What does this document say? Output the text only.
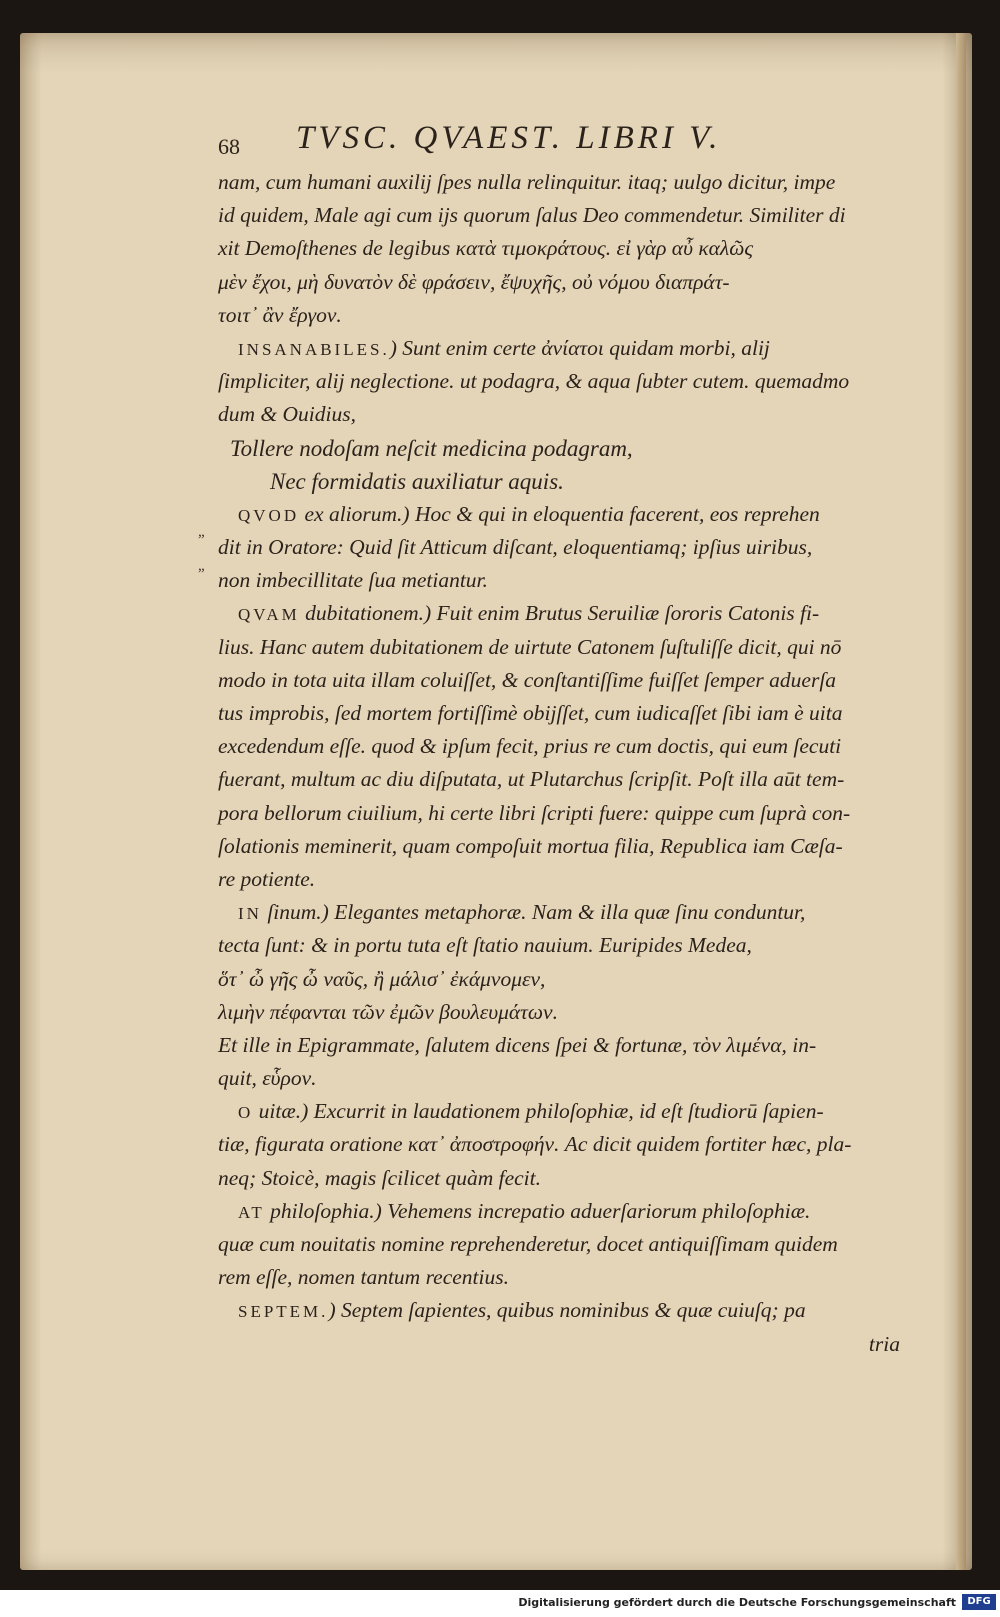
68 TVSC. QVAEST. LIBRI V.
nam, cum humani auxilij ſpes nulla relinquitur. itaq; uulgo dicitur, impe
id quidem, Male agi cum ijs quorum ſalus Deo commendetur. Similiter di
xit Demoſthenes de legibus κατὰ τιμοκράτους. εἰ γὰρ αὖ καλῶς
μὲν ἔχοι, μὴ δυνατὸν δὲ φράσειν, ἔψυχῆς, οὐ νόμου διαπράτ-
τοιτ᾽ ἂν ἔργον.
INSANABILES.) Sunt enim certe ἀνίατοι quidam morbi, alij
ſimpliciter, alij neglectione. ut podagra, & aqua ſubter cutem. quemadmo
dum & Ouidius,
Tollere nodoſam neſcit medicina podagram,
Nec formidatis auxiliatur aquis.
QVOD ex aliorum.) Hoc & qui in eloquentia facerent, eos reprehen
dit in Oratore: Quid ſit Atticum diſcant, eloquentiamq; ipſius uiribus,
non imbecillitate ſua metiantur.
QVAM dubitationem.) Fuit enim Brutus Seruiliæ ſororis Catonis fi-
lius. Hanc autem dubitationem de uirtute Catonem ſuſtuliſſe dicit, qui nō
modo in tota uita illam coluiſſet, & conſtantiſſime fuiſſet ſemper aduerſa
tus improbis, ſed mortem fortiſſimè obijſſet, cum iudicaſſet ſibi iam è uita
excedendum eſſe. quod & ipſum fecit, prius re cum doctis, qui eum ſecuti
fuerant, multum ac diu diſputata, ut Plutarchus ſcripſit. Poſt illa aūt tem-
pora bellorum ciuilium, hi certe libri ſcripti fuere: quippe cum ſuprà con-
ſolationis meminerit, quam compoſuit mortua filia, Republica iam Cæſa-
re potiente.
IN ſinum.) Elegantes metaphoræ. Nam & illa quæ ſinu conduntur,
tecta ſunt: & in portu tuta eſt ſtatio nauium. Euripides Medea,
ὅτ᾽ ὦ γῆς ὦ ναῦς, ἢ μάλισ᾽ ἐκάμνομεν,
λιμὴν πέφανται τῶν ἐμῶν βουλευμάτων.
Et ille in Epigrammate, ſalutem dicens ſpei & fortunæ, τὸν λιμένα, in-
quit, εὗρον.
O uitæ.) Excurrit in laudationem philoſophiæ, id eſt ſtudiorū ſapien-
tiæ, figurata oratione κατ᾽ ἀποστροφήν. Ac dicit quidem fortiter hæc, pla-
neq; Stoicè, magis ſcilicet quàm fecit.
AT philoſophia.) Vehemens increpatio aduerſariorum philoſophiæ.
quæ cum nouitatis nomine reprehenderetur, docet antiquiſſimam quidem
rem eſſe, nomen tantum recentius.
SEPTEM.) Septem ſapientes, quibus nominibus & quæ cuiuſq; pa
tria
„
„
Digitalisierung gefördert durch die Deutsche Forschungsgemeinschaft	DFG
